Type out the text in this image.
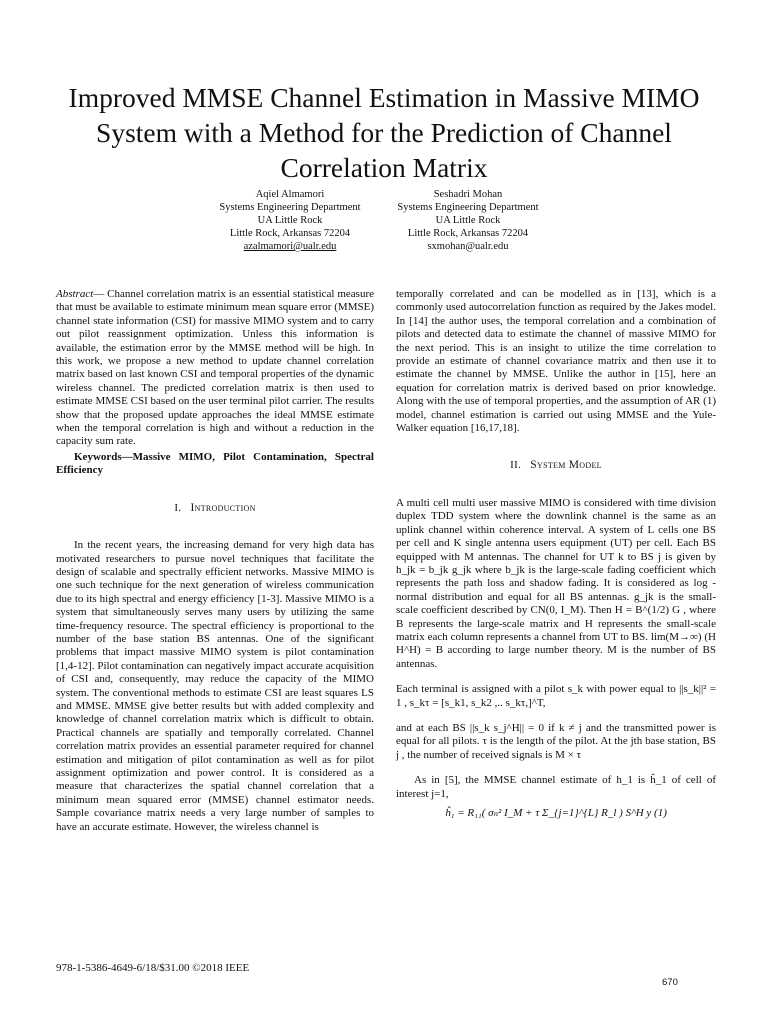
Improved MMSE Channel Estimation in Massive MIMO System with a Method for the Prediction of Channel Correlation Matrix
Aqiel Almamori
Systems Engineering Department
UA Little Rock
Little Rock, Arkansas 72204
azalmamori@ualr.edu
Seshadri Mohan
Systems Engineering Department
UA Little Rock
Little Rock, Arkansas 72204
sxmohan@ualr.edu

Abstract— Channel correlation matrix is an essential statistical measure that must be available to estimate minimum mean square error (MMSE) channel state information (CSI) for massive MIMO system and to carry out pilot reassignment optimization. Unless this information is available, the estimation error by the MMSE method will be high. In this work, we propose a new method to update channel correlation matrix based on last known CSI and temporal properties of the dynamic wireless channel. The predicted correlation matrix is then used to estimate MMSE CSI based on the user terminal pilot carrier. The results show that the proposed update approaches the ideal MMSE estimate when the temporal correlation is high and without a reduction in the capacity sum rate.

Keywords—Massive MIMO, Pilot Contamination, Spectral Efficiency

I. Introduction

In the recent years, the increasing demand for very high data has motivated researchers to pursue novel techniques that facilitate the design of scalable and spectrally efficient networks. Massive MIMO is one such technique for the next generation of wireless communication due to its high spectral and energy efficiency [1-3]. Massive MIMO is a system that simultaneously serves many users by utilizing the same time-frequency resource. The spectral efficiency is proportional to the number of the base station BS antennas. One of the significant problems that impact massive MIMO system is pilot contamination [1,4-12]. Pilot contamination can negatively impact accurate acquisition of CSI and, consequently, may reduce the capacity of the MIMO system. The conventional methods to estimate CSI are least squares LS and MMSE. MMSE give better results but with added complexity and knowledge of channel correlation matrix which is difficult to obtain. Practical channels are spatially and temporally correlated. Channel correlation matrix provides an essential parameter required for channel estimation and mitigation of pilot contamination as well as for pilot assignment optimization and power control. It is considered as a measure that characterizes the spatial channel correlation that a minimum mean squared error (MMSE) channel estimator needs. Sample covariance matrix needs a very large number of samples to have an accurate estimate. However, the wireless channel is

temporally correlated and can be modelled as in [13], which is a commonly used autocorrelation function as required by the Jakes model. In [14] the author uses, the temporal correlation and a combination of pilots and detected data to estimate the channel of massive MIMO for the next period. This is an insight to utilize the time correlation to provide an estimate of channel covariance matrix and then use it to estimate the channel by MMSE. Unlike the author in [15], here an equation for correlation matrix is derived based on prior knowledge. Along with the use of temporal properties, and the assumption of AR (1) model, channel estimation is carried out using MMSE and the Yule-Walker equation [16,17,18].

II. System Model

A multi cell multi user massive MIMO is considered with time division duplex TDD system where the downlink channel is the same as an uplink channel within coherence interval. A system of L cells one BS per cell and K single antenna users equipment (UT) per cell. Each BS equipped with M antennas. The channel for UT k to BS j is given by h_jk = b_jk g_jk where b_jk is the large-scale fading coefficient which represents the path loss and shadow fading. It is considered as log -normal distribution and equal for all BS antennas. g_jk is the small-scale coefficient described by CN(0, I_M). Then H = B^(1/2) G , where B represents the large-scale matrix and H represents the small-scale matrix each column represents a channel from UT to BS. lim(M→∞) (H H^H) = B according to large number theory. M is the number of BS antennas.

Each terminal is assigned with a pilot s_k with power equal to ||s_k||² = 1 , s_kτ = [s_k1, s_k2 ,.. s_kτ,]^T,

and at each BS ||s_k s_j^H|| = 0 if k ≠ j and the transmitted power is equal for all pilots. τ is the length of the pilot. At the jth base station, BS j , the number of received signals is M × τ

As in [5], the MMSE channel estimate of h_1 is ĥ_1 of cell of interest j=1,

ĥ₁ = R₁₁( σₙ² I_M + τ Σ_{j=1}^{L} R_l ) S^H y (1)

978-1-5386-4649-6/18/$31.00 ©2018 IEEE
670
